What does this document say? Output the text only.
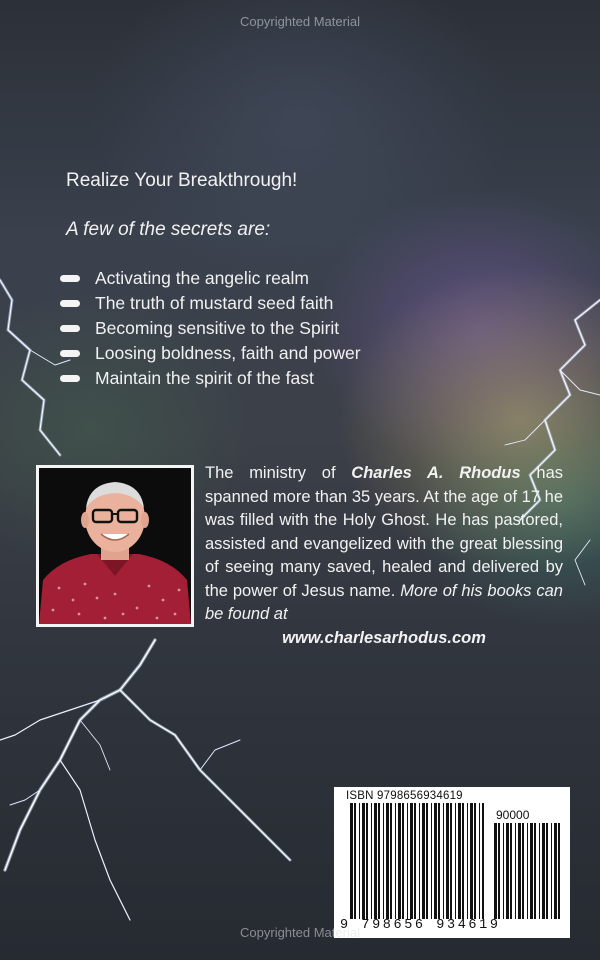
Copyrighted Material
Realize Your Breakthrough!
A few of the secrets are:
Activating the angelic realm
The truth of mustard seed faith
Becoming sensitive to the Spirit
Loosing boldness, faith and power
Maintain the spirit of the fast
The ministry of Charles A. Rhodus has spanned more than 35 years. At the age of 17 he was filled with the Holy Ghost. He has pastored, assisted and evangelized with the great blessing of seeing many saved, healed and delivered by the power of Jesus name. More of his books can be found at
www.charlesarhodus.com
ISBN 9798656934619
90000
9 798656 934619
Copyrighted Material
